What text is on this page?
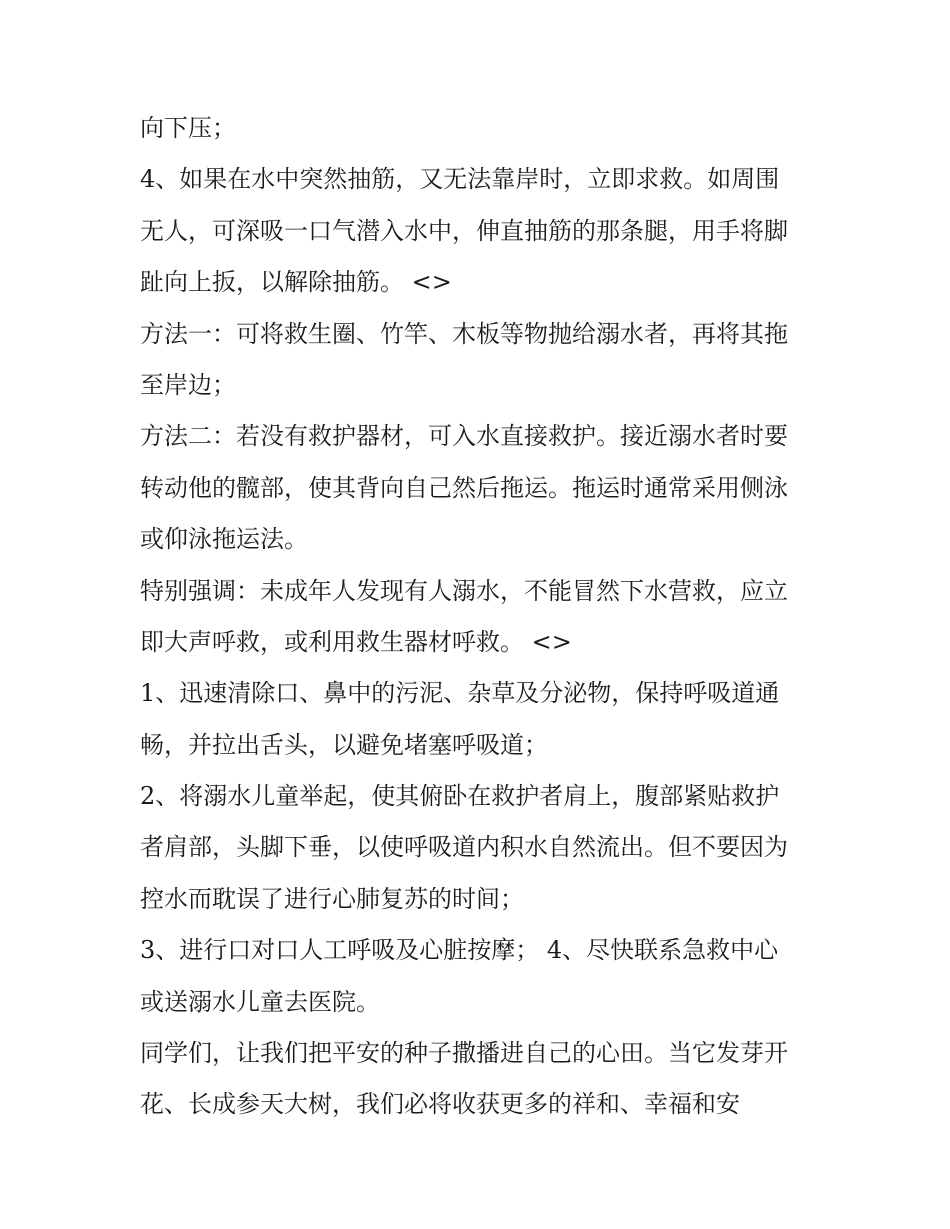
向下压；
4、如果在水中突然抽筋，又无法靠岸时，立即求救。如周围
无人，可深吸一口气潜入水中，伸直抽筋的那条腿，用手将脚
趾向上扳，以解除抽筋。 <>
方法一：可将救生圈、竹竿、木板等物抛给溺水者，再将其拖
至岸边；
方法二：若没有救护器材，可入水直接救护。接近溺水者时要
转动他的髋部，使其背向自己然后拖运。拖运时通常采用侧泳
或仰泳拖运法。
特别强调：未成年人发现有人溺水，不能冒然下水营救，应立
即大声呼救，或利用救生器材呼救。 <>
1、迅速清除口、鼻中的污泥、杂草及分泌物，保持呼吸道通
畅，并拉出舌头，以避免堵塞呼吸道；
2、将溺水儿童举起，使其俯卧在救护者肩上，腹部紧贴救护
者肩部，头脚下垂，以使呼吸道内积水自然流出。但不要因为
控水而耽误了进行心肺复苏的时间；
3、进行口对口人工呼吸及心脏按摩； 4、尽快联系急救中心
或送溺水儿童去医院。
同学们，让我们把平安的种子撒播进自己的心田。当它发芽开
花、长成参天大树，我们必将收获更多的祥和、幸福和安
